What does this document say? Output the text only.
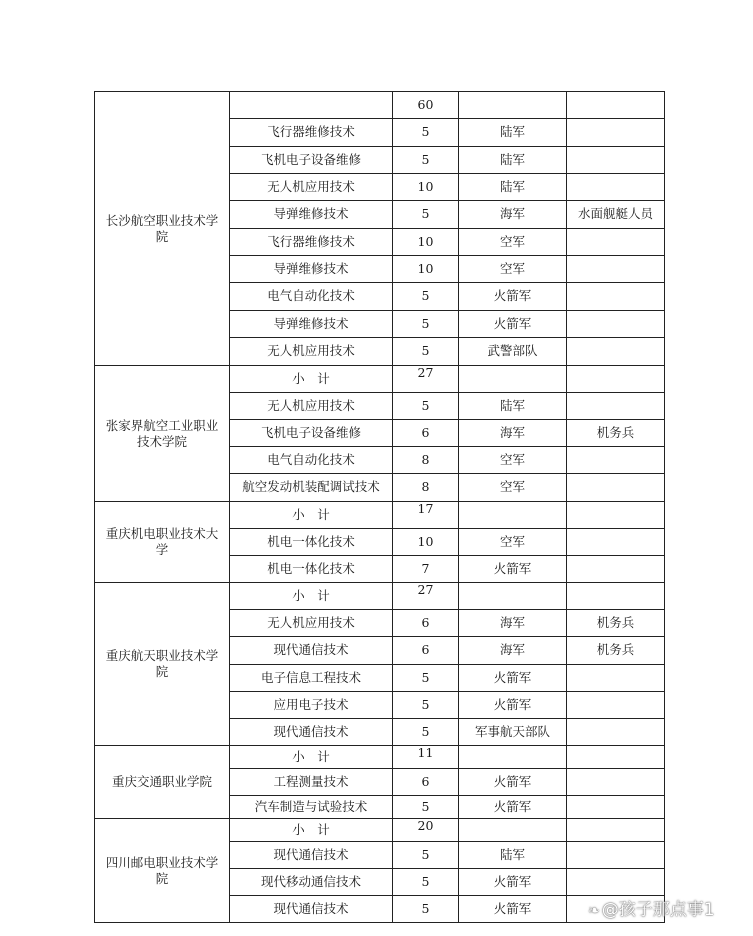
长沙航空职业技术学院		60		
	飞行器维修技术	5	陆军	
	飞机电子设备维修	5	陆军	
	无人机应用技术	10	陆军	
	导弹维修技术	5	海军	水面舰艇人员
	飞行器维修技术	10	空军	
	导弹维修技术	10	空军	
	电气自动化技术	5	火箭军	
	导弹维修技术	5	火箭军	
	无人机应用技术	5	武警部队	
张家界航空工业职业技术学院	小　计	27		
	无人机应用技术	5	陆军	
	飞机电子设备维修	6	海军	机务兵
	电气自动化技术	8	空军	
	航空发动机装配调试技术	8	空军	
重庆机电职业技术大学	小　计	17		
	机电一体化技术	10	空军	
	机电一体化技术	7	火箭军	
重庆航天职业技术学院	小　计	27		
	无人机应用技术	6	海军	机务兵
	现代通信技术	6	海军	机务兵
	电子信息工程技术	5	火箭军	
	应用电子技术	5	火箭军	
	现代通信技术	5	军事航天部队	
重庆交通职业学院	小　计	11		
	工程测量技术	6	火箭军	
	汽车制造与试验技术	5	火箭军	
四川邮电职业技术学院	小　计	20		
	现代通信技术	5	陆军	
	现代移动通信技术	5	火箭军	
	现代通信技术	5	火箭军		❧ @孩子那点事1
